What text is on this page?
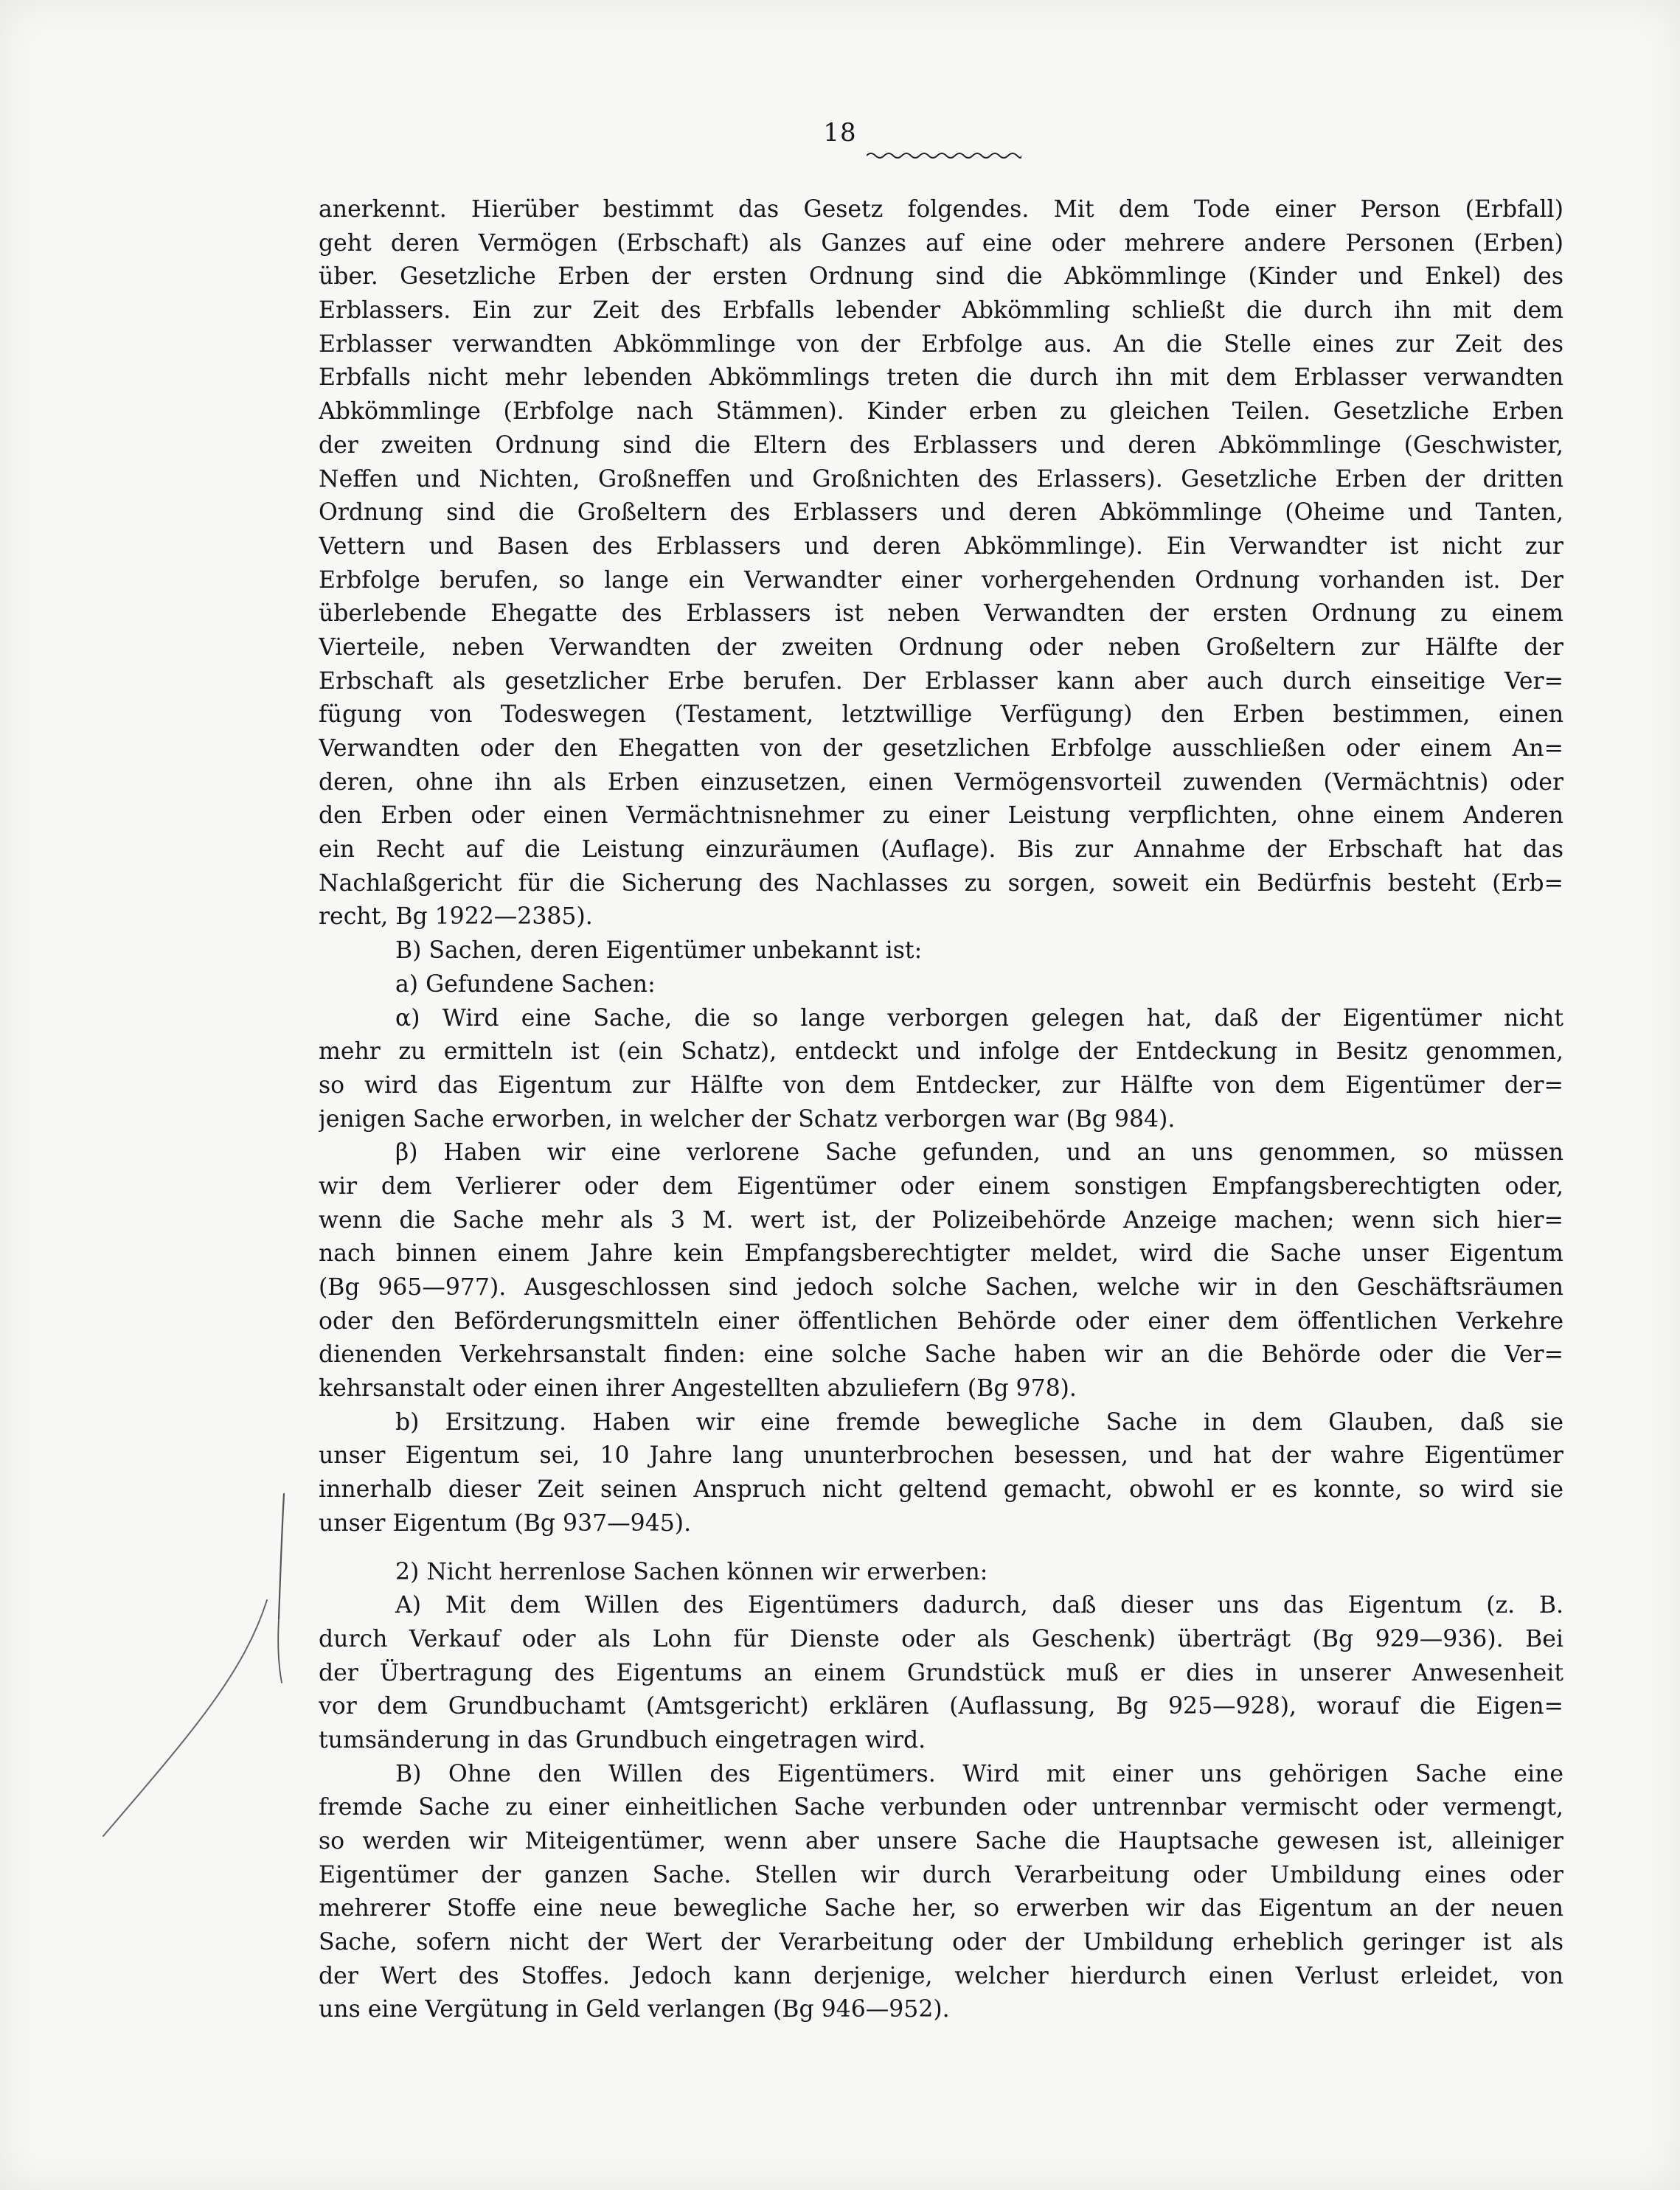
18
anerkennt. Hierüber bestimmt das Gesetz folgendes. Mit dem Tode einer Person (Erbfall)
geht deren Vermögen (Erbschaft) als Ganzes auf eine oder mehrere andere Personen (Erben)
über. Gesetzliche Erben der ersten Ordnung sind die Abkömmlinge (Kinder und Enkel) des
Erblassers. Ein zur Zeit des Erbfalls lebender Abkömmling schließt die durch ihn mit dem
Erblasser verwandten Abkömmlinge von der Erbfolge aus. An die Stelle eines zur Zeit des
Erbfalls nicht mehr lebenden Abkömmlings treten die durch ihn mit dem Erblasser verwandten
Abkömmlinge (Erbfolge nach Stämmen). Kinder erben zu gleichen Teilen. Gesetzliche Erben
der zweiten Ordnung sind die Eltern des Erblassers und deren Abkömmlinge (Geschwister,
Neffen und Nichten, Großneffen und Großnichten des Erlassers). Gesetzliche Erben der dritten
Ordnung sind die Großeltern des Erblassers und deren Abkömmlinge (Oheime und Tanten,
Vettern und Basen des Erblassers und deren Abkömmlinge). Ein Verwandter ist nicht zur
Erbfolge berufen, so lange ein Verwandter einer vorhergehenden Ordnung vorhanden ist. Der
überlebende Ehegatte des Erblassers ist neben Verwandten der ersten Ordnung zu einem
Vierteile, neben Verwandten der zweiten Ordnung oder neben Großeltern zur Hälfte der
Erbschaft als gesetzlicher Erbe berufen. Der Erblasser kann aber auch durch einseitige Ver=
fügung von Todeswegen (Testament, letztwillige Verfügung) den Erben bestimmen, einen
Verwandten oder den Ehegatten von der gesetzlichen Erbfolge ausschließen oder einem An=
deren, ohne ihn als Erben einzusetzen, einen Vermögensvorteil zuwenden (Vermächtnis) oder
den Erben oder einen Vermächtnisnehmer zu einer Leistung verpflichten, ohne einem Anderen
ein Recht auf die Leistung einzuräumen (Auflage). Bis zur Annahme der Erbschaft hat das
Nachlaßgericht für die Sicherung des Nachlasses zu sorgen, soweit ein Bedürfnis besteht (Erb=
recht, Bg 1922—2385).
B) Sachen, deren Eigentümer unbekannt ist:
a) Gefundene Sachen:
α) Wird eine Sache, die so lange verborgen gelegen hat, daß der Eigentümer nicht
mehr zu ermitteln ist (ein Schatz), entdeckt und infolge der Entdeckung in Besitz genommen,
so wird das Eigentum zur Hälfte von dem Entdecker, zur Hälfte von dem Eigentümer der=
jenigen Sache erworben, in welcher der Schatz verborgen war (Bg 984).
β) Haben wir eine verlorene Sache gefunden, und an uns genommen, so müssen
wir dem Verlierer oder dem Eigentümer oder einem sonstigen Empfangsberechtigten oder,
wenn die Sache mehr als 3 M. wert ist, der Polizeibehörde Anzeige machen; wenn sich hier=
nach binnen einem Jahre kein Empfangsberechtigter meldet, wird die Sache unser Eigentum
(Bg 965—977). Ausgeschlossen sind jedoch solche Sachen, welche wir in den Geschäftsräumen
oder den Beförderungsmitteln einer öffentlichen Behörde oder einer dem öffentlichen Verkehre
dienenden Verkehrsanstalt finden: eine solche Sache haben wir an die Behörde oder die Ver=
kehrsanstalt oder einen ihrer Angestellten abzuliefern (Bg 978).
b) Ersitzung. Haben wir eine fremde bewegliche Sache in dem Glauben, daß sie
unser Eigentum sei, 10 Jahre lang ununterbrochen besessen, und hat der wahre Eigentümer
innerhalb dieser Zeit seinen Anspruch nicht geltend gemacht, obwohl er es konnte, so wird sie
unser Eigentum (Bg 937—945).
2) Nicht herrenlose Sachen können wir erwerben:
A) Mit dem Willen des Eigentümers dadurch, daß dieser uns das Eigentum (z. B.
durch Verkauf oder als Lohn für Dienste oder als Geschenk) überträgt (Bg 929—936). Bei
der Übertragung des Eigentums an einem Grundstück muß er dies in unserer Anwesenheit
vor dem Grundbuchamt (Amtsgericht) erklären (Auflassung, Bg 925—928), worauf die Eigen=
tumsänderung in das Grundbuch eingetragen wird.
B) Ohne den Willen des Eigentümers. Wird mit einer uns gehörigen Sache eine
fremde Sache zu einer einheitlichen Sache verbunden oder untrennbar vermischt oder vermengt,
so werden wir Miteigentümer, wenn aber unsere Sache die Hauptsache gewesen ist, alleiniger
Eigentümer der ganzen Sache. Stellen wir durch Verarbeitung oder Umbildung eines oder
mehrerer Stoffe eine neue bewegliche Sache her, so erwerben wir das Eigentum an der neuen
Sache, sofern nicht der Wert der Verarbeitung oder der Umbildung erheblich geringer ist als
der Wert des Stoffes. Jedoch kann derjenige, welcher hierdurch einen Verlust erleidet, von
uns eine Vergütung in Geld verlangen (Bg 946—952).
